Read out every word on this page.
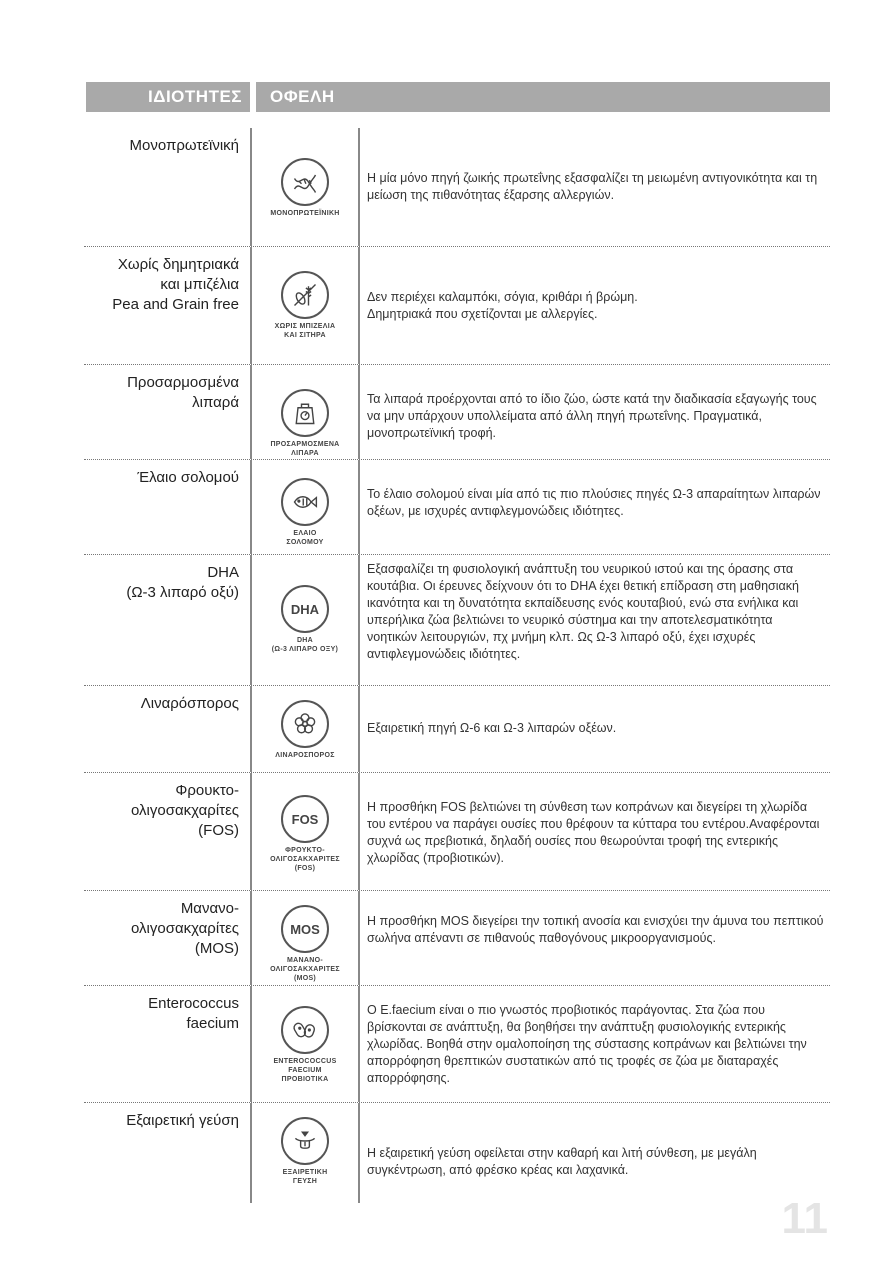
ΙΔΙΟΤΗΤΕΣ ΟΦΕΛΗ
Μονοπρωτεϊνική
ΜΟΝΟΠΡΩΤΕΪΝΙΚΗ
Η μία μόνο πηγή ζωικής πρωτεΐνης εξασφαλίζει τη μειωμένη αντιγονικότητα και τη μείωση της πιθανότητας έξαρσης αλλεργιών.
Χωρίς δημητριακά
και μπιζέλια
Pea and Grain free
ΧΩΡΙΣ ΜΠΙΖΕΛΙΑ
ΚΑΙ ΣΙΤΗΡΑ
Δεν περιέχει καλαμπόκι, σόγια, κριθάρι ή βρώμη.
Δημητριακά που σχετίζονται με αλλεργίες.
Προσαρμοσμένα
λιπαρά
ΠΡΟΣΑΡΜΟΣΜΕΝΑ
ΛΙΠΑΡΑ
Τα λιπαρά προέρχονται από το ίδιο ζώο, ώστε κατά την διαδικασία εξαγωγής τους να μην υπάρχουν υπολλείματα από άλλη πηγή πρωτεΐνης. Πραγματικά, μονοπρωτεϊνική τροφή.
Έλαιο σολομού
ΕΛΑΙΟ
ΣΟΛΟΜΟΥ
Το έλαιο σολομού είναι μία από τις πιο πλούσιες πηγές Ω-3 απαραίτητων λιπαρών οξέων, με ισχυρές αντιφλεγμονώδεις ιδιότητες.
DHA
(Ω-3 λιπαρό οξύ)
DHA
DHA
(Ω-3 ΛΙΠΑΡΟ ΟΞΥ)
Εξασφαλίζει τη φυσιολογική ανάπτυξη του νευρικού ιστού και της όρασης στα κουτάβια. Οι έρευνες δείχνουν ότι το DHA έχει θετική επίδραση στη μαθησιακή ικανότητα και τη δυνατότητα εκπαίδευσης ενός κουταβιού, ενώ στα ενήλικα και υπερήλικα ζώα βελτιώνει το νευρικό σύστημα και την αποτελεσματικότητα νοητικών λειτουργιών, πχ μνήμη κλπ. Ως Ω-3 λιπαρό οξύ, έχει ισχυρές αντιφλεγμονώδεις ιδιότητες.
Λιναρόσπορος
ΛΙΝΑΡΟΣΠΟΡΟΣ
Εξαιρετική πηγή Ω-6 και Ω-3 λιπαρών οξέων.
Φρουκτο-
ολιγοσακχαρίτες
(FOS)
FOS
ΦΡΟΥΚΤΟ-
ΟΛΙΓΟΣΑΚΧΑΡΙΤΕΣ
(FOS)
Η προσθήκη FOS βελτιώνει τη σύνθεση των κοπράνων και διεγείρει τη χλωρίδα του εντέρου να παράγει ουσίες που θρέφουν τα κύτταρα του εντέρου.Αναφέρονται συχνά ως πρεβιοτικά, δηλαδή ουσίες που θεωρούνται τροφή της εντερικής χλωρίδας (προβιοτικών).
Μανανο-
ολιγοσακχαρίτες
(MOS)
MOS
ΜΑΝΑΝΟ-
ΟΛΙΓΟΣΑΚΧΑΡΙΤΕΣ
(MOS)
Η προσθήκη MOS διεγείρει την τοπική ανοσία και ενισχύει την άμυνα του πεπτικού σωλήνα απέναντι σε πιθανούς παθογόνους μικροοργανισμούς.
Enterococcus
faecium
ENTEROCOCCUS
FAECIUM
ΠΡΟΒΙΟΤΙΚΑ
O E.faecium είναι ο πιο γνωστός προβιοτικός παράγοντας. Στα ζώα που βρίσκονται σε ανάπτυξη, θα βοηθήσει την ανάπτυξη φυσιολογικής εντερικής χλωρίδας. Βοηθά στην ομαλοποίηση της σύστασης κοπράνων και βελτιώνει την απορρόφηση θρεπτικών συστατικών από τις τροφές σε ζώα με διαταραχές απορρόφησης.
Εξαιρετική γεύση
ΕΞΑΙΡΕΤΙΚΗ
ΓΕΥΣΗ
Η εξαιρετική γεύση οφείλεται στην καθαρή και λιτή σύνθεση, με μεγάλη συγκέντρωση, από φρέσκο κρέας και λαχανικά.
11
